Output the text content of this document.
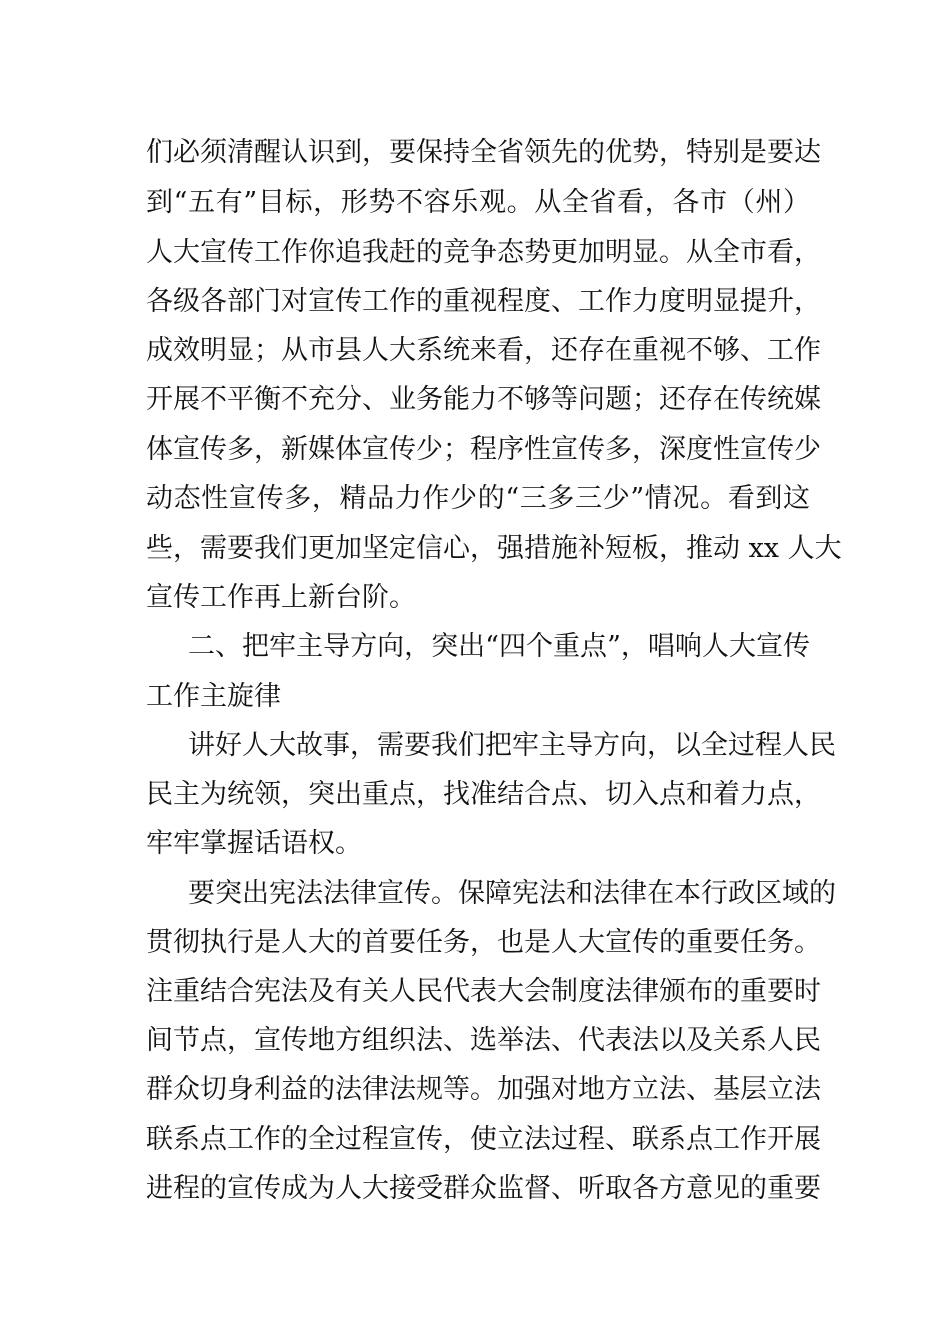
们必须清醒认识到，要保持全省领先的优势，特别是要达
到“五有”目标，形势不容乐观。从全省看，各市（州）
人大宣传工作你追我赶的竞争态势更加明显。从全市看，
各级各部门对宣传工作的重视程度、工作力度明显提升，
成效明显；从市县人大系统来看，还存在重视不够、工作
开展不平衡不充分、业务能力不够等问题；还存在传统媒
体宣传多，新媒体宣传少；程序性宣传多，深度性宣传少
动态性宣传多，精品力作少的“三多三少”情况。看到这
些，需要我们更加坚定信心，强措施补短板，推动 xx 人大
宣传工作再上新台阶。
二、把牢主导方向，突出“四个重点”，唱响人大宣传
工作主旋律
讲好人大故事，需要我们把牢主导方向，以全过程人民
民主为统领，突出重点，找准结合点、切入点和着力点，
牢牢掌握话语权。
要突出宪法法律宣传。保障宪法和法律在本行政区域的
贯彻执行是人大的首要任务，也是人大宣传的重要任务。
注重结合宪法及有关人民代表大会制度法律颁布的重要时
间节点，宣传地方组织法、选举法、代表法以及关系人民
群众切身利益的法律法规等。加强对地方立法、基层立法
联系点工作的全过程宣传，使立法过程、联系点工作开展
进程的宣传成为人大接受群众监督、听取各方意见的重要
